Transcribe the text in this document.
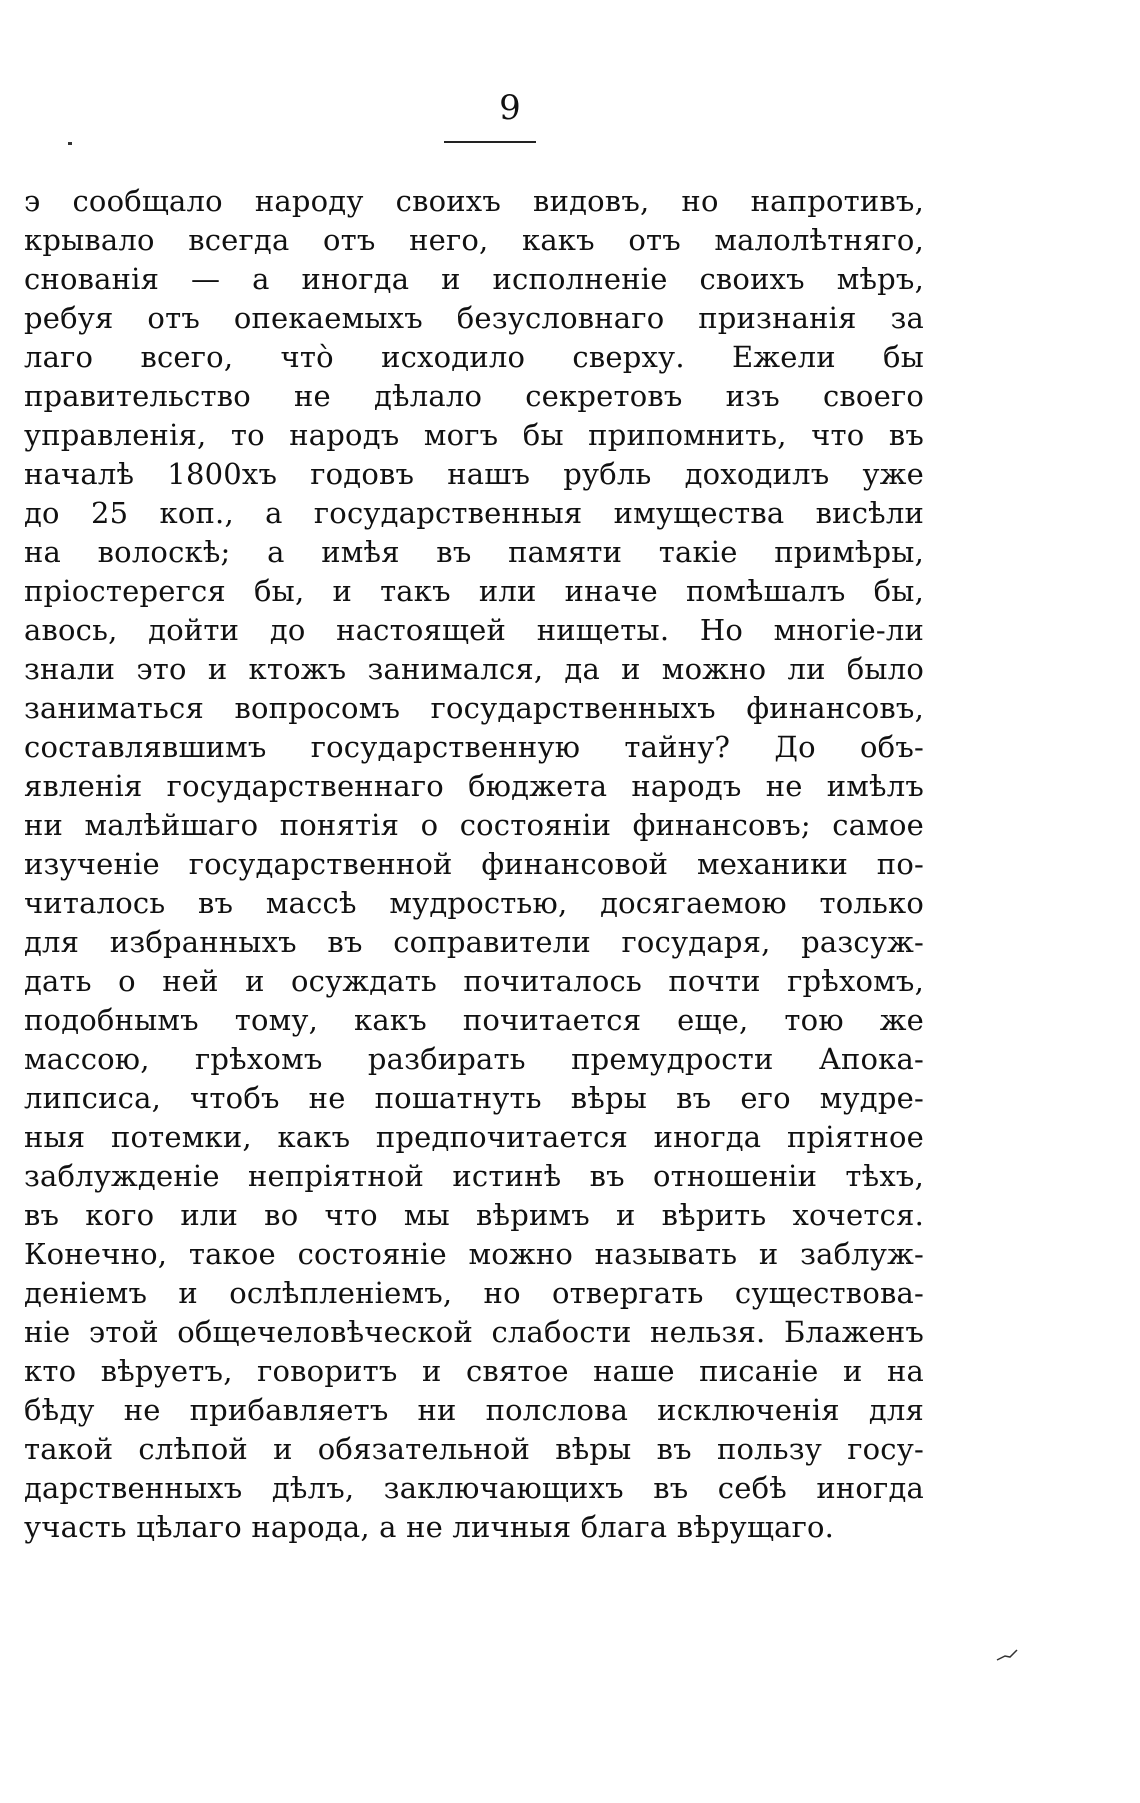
9
э сообщало народу своихъ видовъ, но напротивъ,
крывало всегда отъ него, какъ отъ малолѣтняго,
снованія — а иногда и исполненіе своихъ мѣръ,
ребуя отъ опекаемыхъ безусловнаго признанія за
лаго всего, что̀ исходило сверху. Ежели бы
правительство не дѣлало секретовъ изъ своего
управленія, то народъ могъ бы припомнить, что въ
началѣ 1800хъ годовъ нашъ рубль доходилъ уже
до 25 коп., а государственныя имущества висѣли
на волоскѣ; а имѣя въ памяти такіе примѣры,
пріостерегся бы, и такъ или иначе помѣшалъ бы,
авось, дойти до настоящей нищеты. Но многіе-ли
знали это и ктожъ занимался, да и можно ли было
заниматься вопросомъ государственныхъ финансовъ,
составлявшимъ государственную тайну? До объ-
явленія государственнаго бюджета народъ не имѣлъ
ни малѣйшаго понятія о состояніи финансовъ; самое
изученіе государственной финансовой механики по-
читалось въ массѣ мудростью, досягаемою только
для избранныхъ въ соправители государя, разсуж-
дать о ней и осуждать почиталось почти грѣхомъ,
подобнымъ тому, какъ почитается еще, тою же
массою, грѣхомъ разбирать премудрости Апока-
липсиса, чтобъ не пошатнуть вѣры въ его мудре-
ныя потемки, какъ предпочитается иногда пріятное
заблужденіе непріятной истинѣ въ отношеніи тѣхъ,
въ кого или во что мы вѣримъ и вѣрить хочется.
Конечно, такое состояніе можно называть и заблуж-
деніемъ и ослѣпленіемъ, но отвергать существова-
ніе этой общечеловѣческой слабости нельзя. Блаженъ
кто вѣруетъ, говоритъ и святое наше писаніе и на
бѣду не прибавляетъ ни полслова исключенія для
такой слѣпой и обязательной вѣры въ пользу госу-
дарственныхъ дѣлъ, заключающихъ въ себѣ иногда
участь цѣлаго народа, а не личныя блага вѣрущаго.
